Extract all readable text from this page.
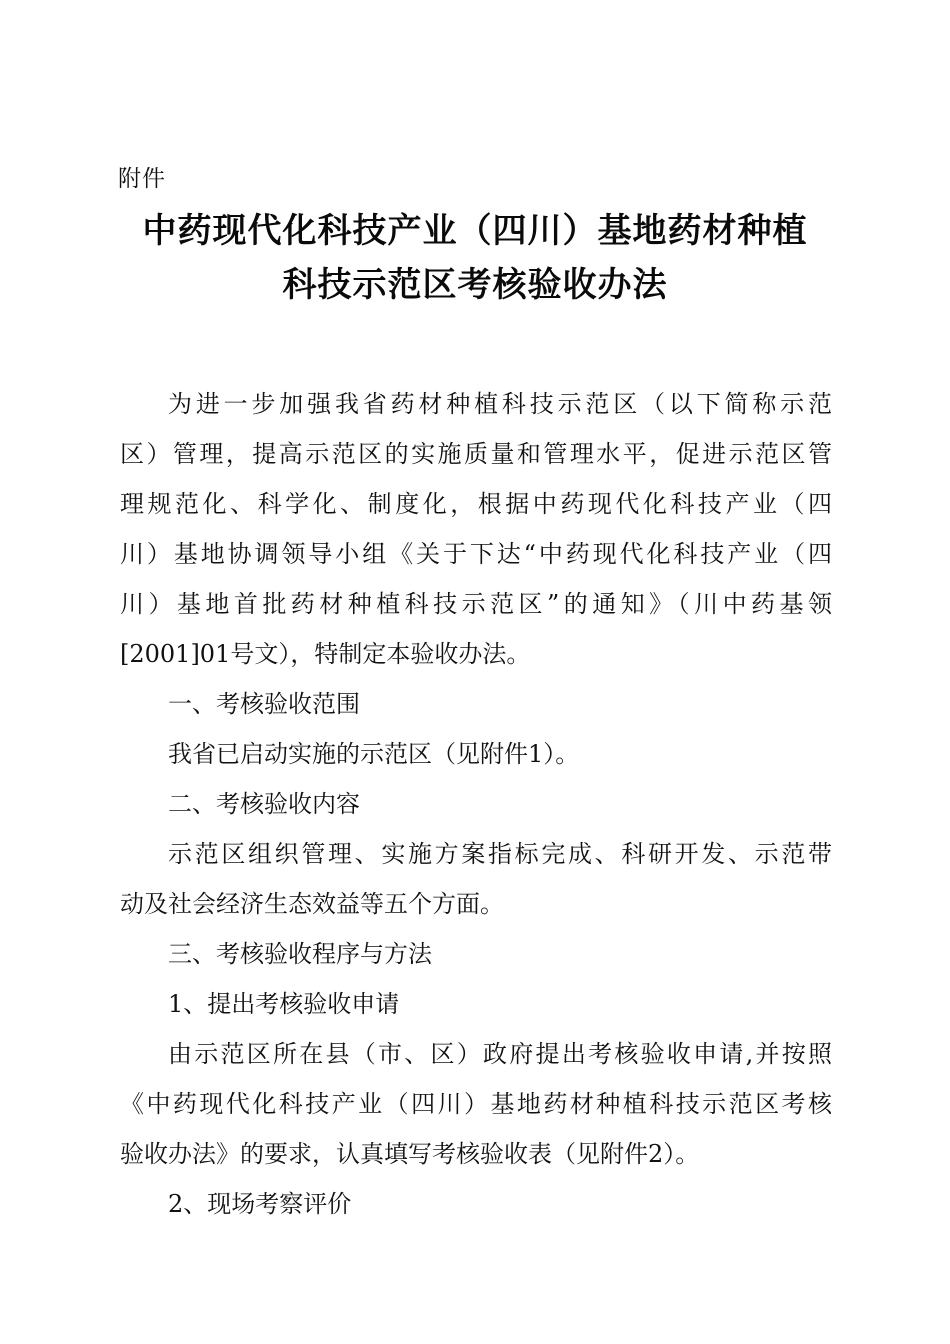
附件
中药现代化科技产业（四川）基地药材种植
科技示范区考核验收办法
为进一步加强我省药材种植科技示范区（以下简称示范
区）管理，提高示范区的实施质量和管理水平，促进示范区管
理规范化、科学化、制度化，根据中药现代化科技产业（四
川）基地协调领导小组《关于下达“中药现代化科技产业（四
川）基地首批药材种植科技示范区”的通知》（川中药基领
[2001]01号文），特制定本验收办法。
一、考核验收范围
我省已启动实施的示范区（见附件1）。
二、考核验收内容
示范区组织管理、实施方案指标完成、科研开发、示范带
动及社会经济生态效益等五个方面。
三、考核验收程序与方法
1、提出考核验收申请
由示范区所在县（市、区）政府提出考核验收申请,并按照
《中药现代化科技产业（四川）基地药材种植科技示范区考核
验收办法》的要求，认真填写考核验收表（见附件2）。
2、现场考察评价
